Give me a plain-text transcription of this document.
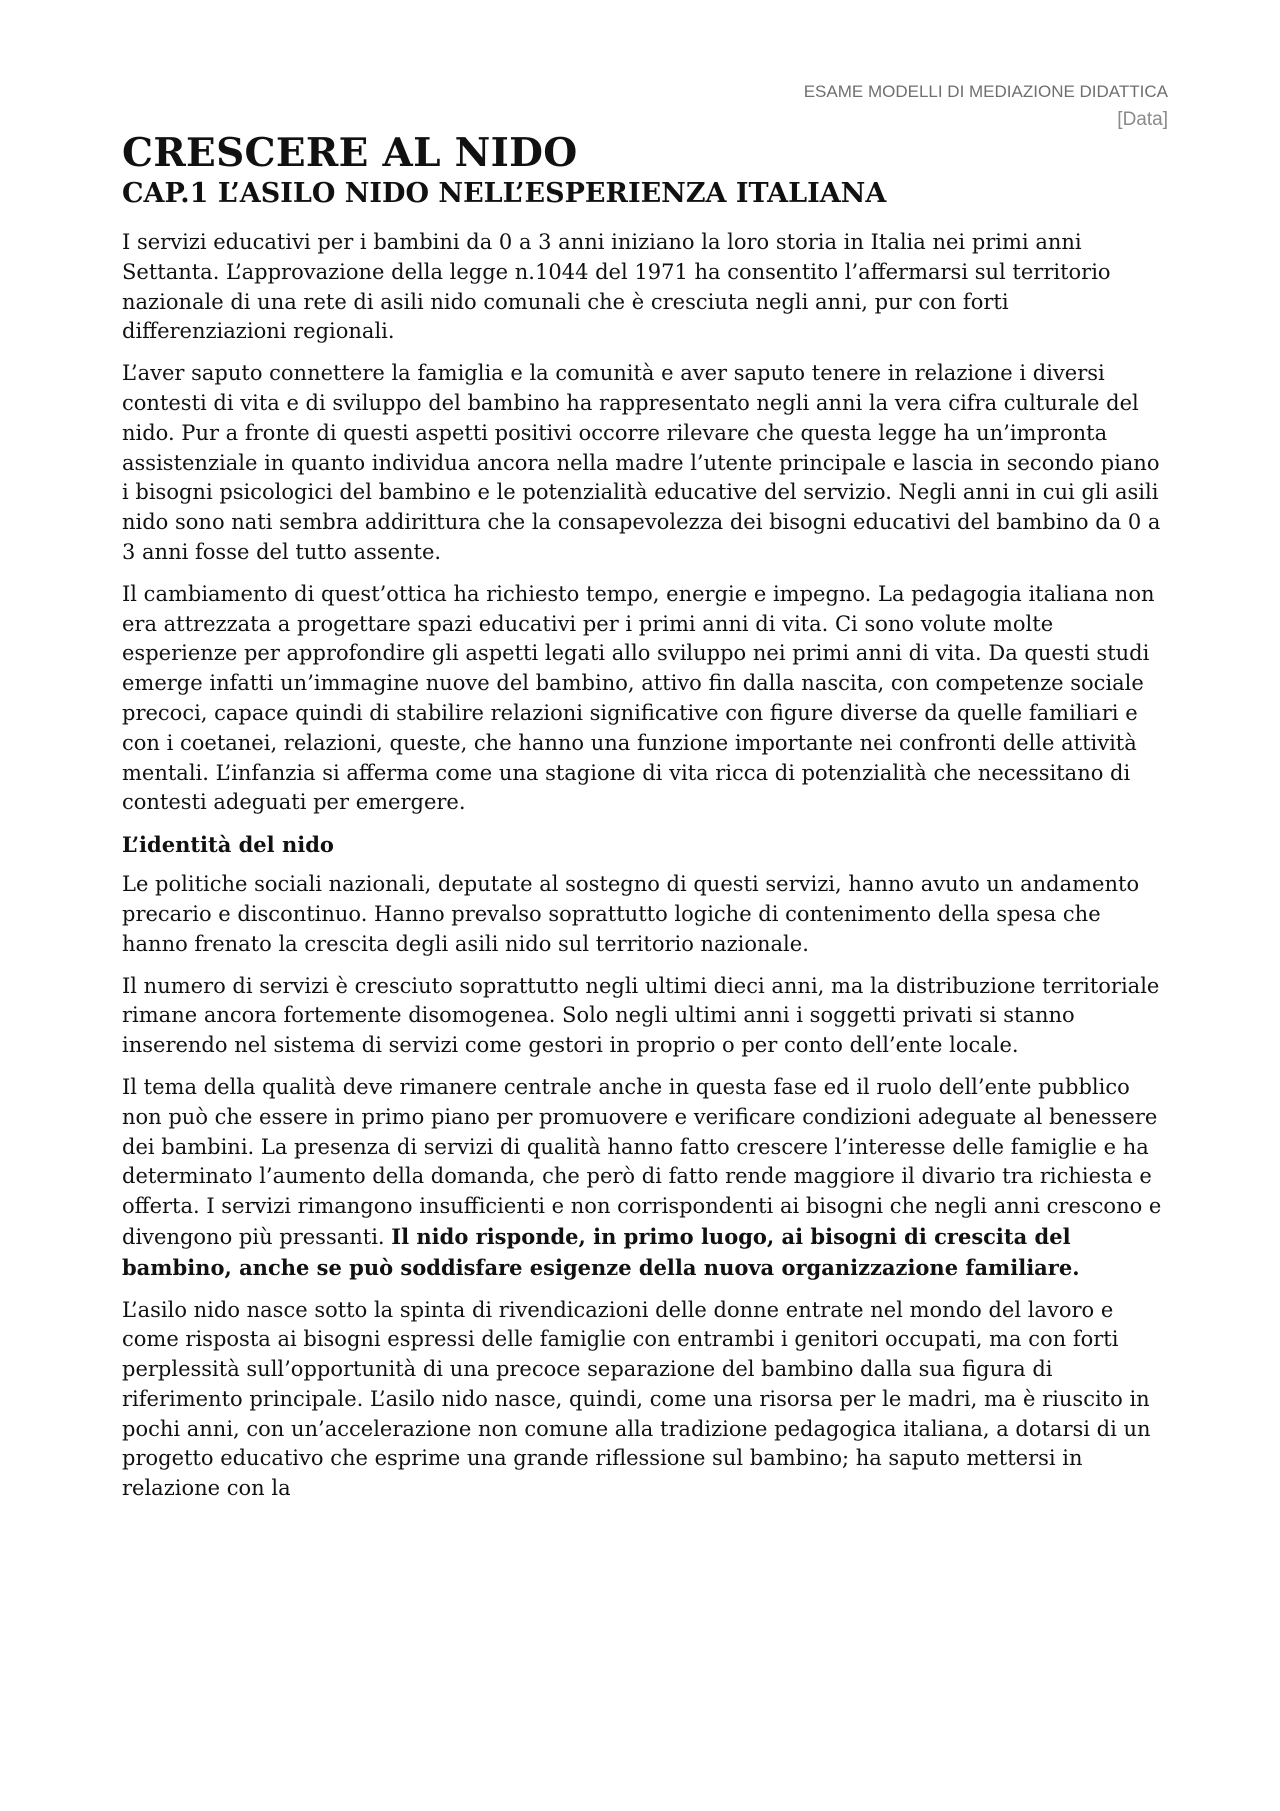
ESAME MODELLI DI MEDIAZIONE DIDATTICA
[Data]
CRESCERE AL NIDO
CAP.1 L’ASILO NIDO NELL’ESPERIENZA ITALIANA

I servizi educativi per i bambini da 0 a 3 anni iniziano la loro storia in Italia nei primi anni Settanta. L’approvazione della legge n.1044 del 1971 ha consentito l’affermarsi sul territorio nazionale di una rete di asili nido comunali che è cresciuta negli anni, pur con forti differenziazioni regionali.

L’aver saputo connettere la famiglia e la comunità e aver saputo tenere in relazione i diversi contesti di vita e di sviluppo del bambino ha rappresentato negli anni la vera cifra culturale del nido. Pur a fronte di questi aspetti positivi occorre rilevare che questa legge ha un’impronta assistenziale in quanto individua ancora nella madre l’utente principale e lascia in secondo piano i bisogni psicologici del bambino e le potenzialità educative del servizio. Negli anni in cui gli asili nido sono nati sembra addirittura che la consapevolezza dei bisogni educativi del bambino da 0 a 3 anni fosse del tutto assente.

Il cambiamento di quest’ottica ha richiesto tempo, energie e impegno. La pedagogia italiana non era attrezzata a progettare spazi educativi per i primi anni di vita. Ci sono volute molte esperienze per approfondire gli aspetti legati allo sviluppo nei primi anni di vita. Da questi studi emerge infatti un’immagine nuove del bambino, attivo fin dalla nascita, con competenze sociale precoci, capace quindi di stabilire relazioni significative con figure diverse da quelle familiari e con i coetanei, relazioni, queste, che hanno una funzione importante nei confronti delle attività mentali. L’infanzia si afferma come una stagione di vita ricca di potenzialità che necessitano di contesti adeguati per emergere.

L’identità del nido

Le politiche sociali nazionali, deputate al sostegno di questi servizi, hanno avuto un andamento precario e discontinuo. Hanno prevalso soprattutto logiche di contenimento della spesa che hanno frenato la crescita degli asili nido sul territorio nazionale.

Il numero di servizi è cresciuto soprattutto negli ultimi dieci anni, ma la distribuzione territoriale rimane ancora fortemente disomogenea. Solo negli ultimi anni i soggetti privati si stanno inserendo nel sistema di servizi come gestori in proprio o per conto dell’ente locale.

Il tema della qualità deve rimanere centrale anche in questa fase ed il ruolo dell’ente pubblico non può che essere in primo piano per promuovere e verificare condizioni adeguate al benessere dei bambini. La presenza di servizi di qualità hanno fatto crescere l’interesse delle famiglie e ha determinato l’aumento della domanda, che però di fatto rende maggiore il divario tra richiesta e offerta. I servizi rimangono insufficienti e non corrispondenti ai bisogni che negli anni crescono e divengono più pressanti. Il nido risponde, in primo luogo, ai bisogni di crescita del bambino, anche se può soddisfare esigenze della nuova organizzazione familiare.

L’asilo nido nasce sotto la spinta di rivendicazioni delle donne entrate nel mondo del lavoro e come risposta ai bisogni espressi delle famiglie con entrambi i genitori occupati, ma con forti perplessità sull’opportunità di una precoce separazione del bambino dalla sua figura di riferimento principale. L’asilo nido nasce, quindi, come una risorsa per le madri, ma è riuscito in pochi anni, con un’accelerazione non comune alla tradizione pedagogica italiana, a dotarsi di un progetto educativo che esprime una grande riflessione sul bambino; ha saputo mettersi in relazione con la
